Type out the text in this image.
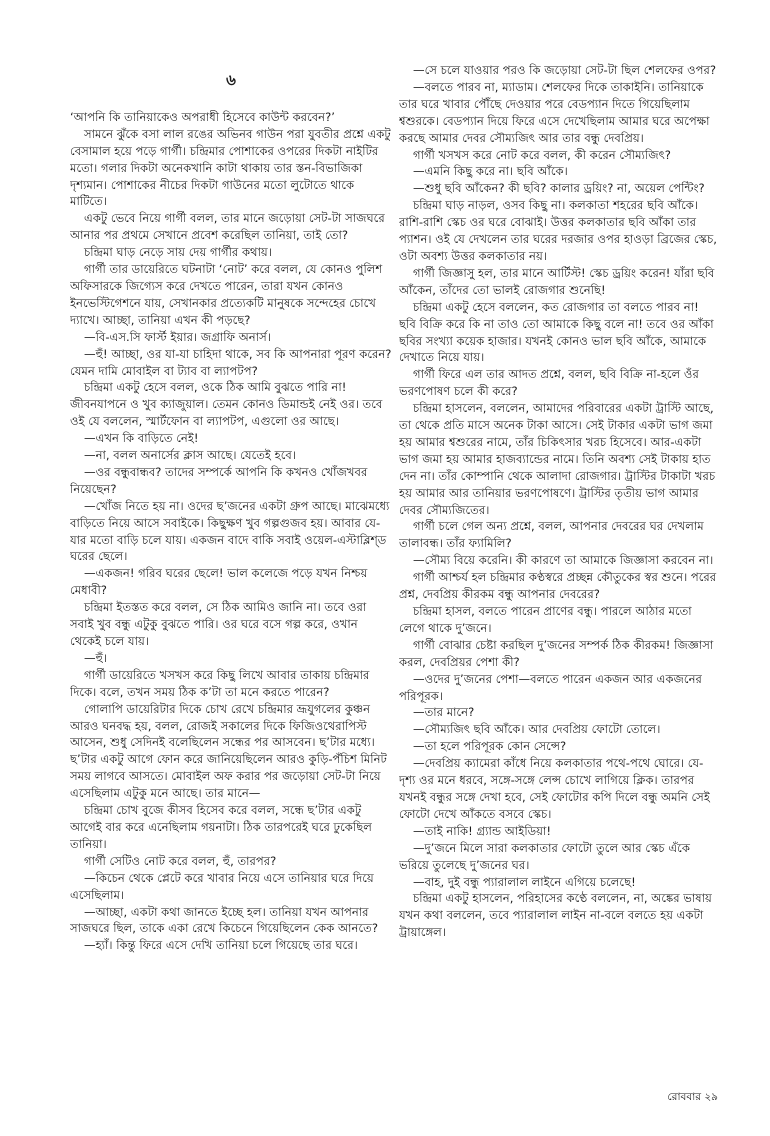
৬

‘আপনি কি তানিয়াকেও অপরাধী হিসেবে কাউন্ট করবেন?’

সামনে ঝুঁকে বসা লাল রঙের অভিনব গাউন পরা যুবতীর প্রশ্নে একটু বেসামাল হয়ে পড়ে গার্গী। চন্দ্রিমার পোশাকের ওপরের দিকটা নাইটির মতো। গলার দিকটা অনেকখানি কাটা থাকায় তার স্তন-বিভাজিকা দৃশ্যমান। পোশাকের নীচের দিকটা গাউনের মতো লুটোতে থাকে মাটিতে।

একটু ভেবে নিয়ে গার্গী বলল, তার মানে জড়োয়া সেট-টা সাজঘরে আনার পর প্রথমে সেখানে প্রবেশ করেছিল তানিয়া, তাই তো?

চন্দ্রিমা ঘাড় নেড়ে সায় দেয় গার্গীর কথায়।

গার্গী তার ডায়েরিতে ঘটনাটা ‘নোট’ করে বলল, যে কোনও পুলিশ অফিসারকে জিগ্যেস করে দেখতে পারেন, তারা যখন কোনও ইনভেস্টিগেশনে যায়, সেখানকার প্রত্যেকটি মানুষকে সন্দেহের চোখে দ্যাখে। আচ্ছা, তানিয়া এখন কী পড়ছে?

—বি-এস.সি ফার্স্ট ইয়ার। জগ্রাফি অনার্স।

—হুঁ! আচ্ছা, ওর যা-যা চাহিদা থাকে, সব কি আপনারা পূরণ করেন? যেমন দামি মোবাইল বা ট্যাব বা ল্যাপটপ?

চন্দ্রিমা একটু হেসে বলল, ওকে ঠিক আমি বুঝতে পারি না! জীবনযাপনে ও খুব ক্যাজুয়াল। তেমন কোনও ডিমান্ডই নেই ওর। তবে ওই যে বললেন, স্মার্টফোন বা ল্যাপটপ, এগুলো ওর আছে।

—এখন কি বাড়িতে নেই!

—না, বলল অনার্সের ক্লাস আছে। যেতেই হবে।

—ওর বন্ধুবান্ধব? তাদের সম্পর্কে আপনি কি কখনও খোঁজখবর নিয়েছেন?

—খোঁজ নিতে হয় না। ওদের ছ’জনের একটা গ্রুপ আছে। মাঝেমধ্যে বাড়িতে নিয়ে আসে সবাইকে। কিছুক্ষণ খুব গল্পগুজব হয়। আবার যে-যার মতো বাড়ি চলে যায়। একজন বাদে বাকি সবাই ওয়েল-এস্টাব্লিশ্‌ড ঘরের ছেলে।

—একজন! গরিব ঘরের ছেলে! ভাল কলেজে পড়ে যখন নিশ্চয় মেধাবী?

চন্দ্রিমা ইতস্তত করে বলল, সে ঠিক আমিও জানি না। তবে ওরা সবাই খুব বন্ধু এটুকু বুঝতে পারি। ওর ঘরে বসে গল্প করে, ওখান থেকেই চলে যায়।

—হুঁ।

গার্গী ডায়েরিতে খসখস করে কিছু লিখে আবার তাকায় চন্দ্রিমার দিকে। বলে, তখন সময় ঠিক ক’টা তা মনে করতে পারেন?

গোলাপি ডায়েরিটার দিকে চোখ রেখে চন্দ্রিমার ভ্রূযুগলের কুঞ্চন আরও ঘনবদ্ধ হয়, বলল, রোজই সকালের দিকে ফিজিওথেরাপিস্ট আসেন, শুধু সেদিনই বলেছিলেন সন্ধের পর আসবেন। ছ’টার মধ্যে। ছ’টার একটু আগে ফোন করে জানিয়েছিলেন আরও কুড়ি-পঁচিশ মিনিট সময় লাগবে আসতে। মোবাইল অফ করার পর জড়োয়া সেট-টা নিয়ে এসেছিলাম এটুকু মনে আছে। তার মানে—

চন্দ্রিমা চোখ বুজে কীসব হিসেব করে বলল, সন্ধে ছ’টার একটু আগেই বার করে এনেছিলাম গয়নাটা। ঠিক তারপরেই ঘরে ঢুকেছিল তানিয়া।

গার্গী সেটিও নোট করে বলল, হুঁ, তারপর?

—কিচেন থেকে প্লেটে করে খাবার নিয়ে এসে তানিয়ার ঘরে দিয়ে এসেছিলাম।

—আচ্ছা, একটা কথা জানতে ইচ্ছে হল। তানিয়া যখন আপনার সাজঘরে ছিল, তাকে একা রেখে কিচেনে গিয়েছিলেন কেক আনতে?

—হ্যাঁ। কিন্তু ফিরে এসে দেখি তানিয়া চলে গিয়েছে তার ঘরে।

—সে চলে যাওয়ার পরও কি জড়োয়া সেট-টা ছিল শেলফের ওপর?

—বলতে পারব না, ম্যাডাম। শেলফের দিকে তাকাইনি। তানিয়াকে তার ঘরে খাবার পৌঁছে দেওয়ার পরে বেডপ্যান দিতে গিয়েছিলাম শ্বশুরকে। বেডপ্যান দিয়ে ফিরে এসে দেখেছিলাম আমার ঘরে অপেক্ষা করছে আমার দেবর সৌম্যজিৎ আর তার বন্ধু দেবপ্রিয়।

গার্গী খসখস করে নোট করে বলল, কী করেন সৌম্যজিৎ?

—এমনি কিছু করে না। ছবি আঁকে।

—শুধু ছবি আঁকেন? কী ছবি? কালার ড্রয়িং? না, অয়েল পেন্টিং?

চন্দ্রিমা ঘাড় নাড়ল, ওসব কিছু না। কলকাতা শহরের ছবি আঁকে। রাশি-রাশি স্কেচ ওর ঘরে বোঝাই। উত্তর কলকাতার ছবি আঁকা তার প্যাশন। ওই যে দেখলেন তার ঘরের দরজার ওপর হাওড়া ব্রিজের স্কেচ, ওটা অবশ্য উত্তর কলকাতার নয়।

গার্গী জিজ্ঞাসু হল, তার মানে আর্টিস্ট! স্কেচ ড্রয়িং করেন! যাঁরা ছবি আঁকেন, তাঁদের তো ভালই রোজগার শুনেছি!

চন্দ্রিমা একটু হেসে বললেন, কত রোজগার তা বলতে পারব না! ছবি বিক্রি করে কি না তাও তো আমাকে কিছু বলে না! তবে ওর আঁকা ছবির সংখ্যা কয়েক হাজার। যখনই কোনও ভাল ছবি আঁকে, আমাকে দেখাতে নিয়ে যায়।

গার্গী ফিরে এল তার আদত প্রশ্নে, বলল, ছবি বিক্রি না-হলে ওঁর ভরণপোষণ চলে কী করে?

চন্দ্রিমা হাসলেন, বললেন, আমাদের পরিবারের একটা ট্রাস্টি আছে, তা থেকে প্রতি মাসে অনেক টাকা আসে। সেই টাকার একটা ভাগ জমা হয় আমার শ্বশুরের নামে, তাঁর চিকিৎসার খরচ হিসেবে। আর-একটা ভাগ জমা হয় আমার হাজব্যান্ডের নামে। তিনি অবশ্য সেই টাকায় হাত দেন না। তাঁর কোম্পানি থেকে আলাদা রোজগার। ট্রাস্টির টাকাটা খরচ হয় আমার আর তানিয়ার ভরণপোষণে। ট্রাস্টির তৃতীয় ভাগ আমার দেবর সৌম্যজিতের।

গার্গী চলে গেল অন্য প্রশ্নে, বলল, আপনার দেবরের ঘর দেখলাম তালাবন্ধ। তাঁর ফ্যামিলি?

—সৌম্য বিয়ে করেনি। কী কারণে তা আমাকে জিজ্ঞাসা করবেন না।

গার্গী আশ্চর্য হল চন্দ্রিমার কণ্ঠস্বরে প্রচ্ছন্ন কৌতুকের স্বর শুনে। পরের প্রশ্ন, দেবপ্রিয় কীরকম বন্ধু আপনার দেবরের?

চন্দ্রিমা হাসল, বলতে পারেন প্রাণের বন্ধু। পারলে আঠার মতো লেগে থাকে দু’জনে।

গার্গী বোঝার চেষ্টা করছিল দু’জনের সম্পর্ক ঠিক কীরকম! জিজ্ঞাসা করল, দেবপ্রিয়র পেশা কী?

—ওদের দু’জনের পেশা—বলতে পারেন একজন আর একজনের পরিপূরক।

—তার মানে?

—সৌম্যজিৎ ছবি আঁকে। আর দেবপ্রিয় ফোটো তোলে।

—তা হলে পরিপূরক কোন সেন্সে?

—দেবপ্রিয় ক্যামেরা কাঁধে নিয়ে কলকাতার পথে-পথে ঘোরে। যে-দৃশ্য ওর মনে ধরবে, সঙ্গে-সঙ্গে লেন্স চোখে লাগিয়ে ক্লিক। তারপর যখনই বন্ধুর সঙ্গে দেখা হবে, সেই ফোটোর কপি দিলে বন্ধু অমনি সেই ফোটো দেখে আঁকতে বসবে স্কেচ।

—তাই নাকি! গ্র্যান্ড আইডিয়া!

—দু’জনে মিলে সারা কলকাতার ফোটো তুলে আর স্কেচ এঁকে ভরিয়ে তুলেছে দু’জনের ঘর।

—বাহ, দুই বন্ধু প্যারালাল লাইনে এগিয়ে চলেছে!

চন্দ্রিমা একটু হাসলেন, পরিহাসের কণ্ঠে বললেন, না, অঙ্কের ভাষায় যখন কথা বললেন, তবে প্যারালাল লাইন না-বলে বলতে হয় একটা ট্রায়াঙ্গেল।

রোববার ২৯
